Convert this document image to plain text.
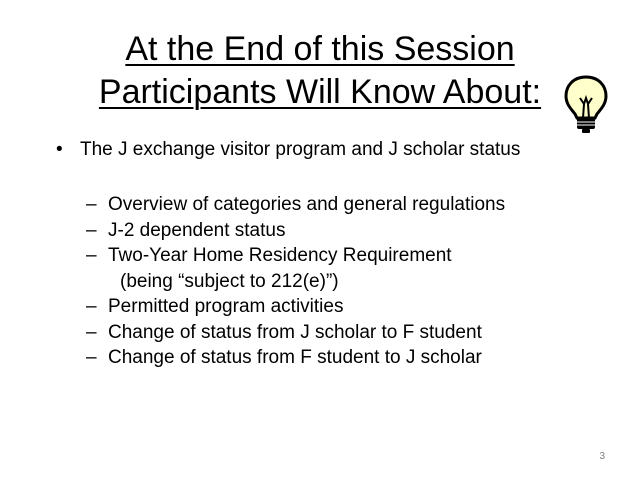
At the End of this Session
Participants Will Know About:
• The J exchange visitor program and J scholar status
– Overview of categories and general regulations
– J-2 dependent status
– Two-Year Home Residency Requirement
(being “subject to 212(e)”)
– Permitted program activities
– Change of status from J scholar to F student
– Change of status from F student to J scholar
3
